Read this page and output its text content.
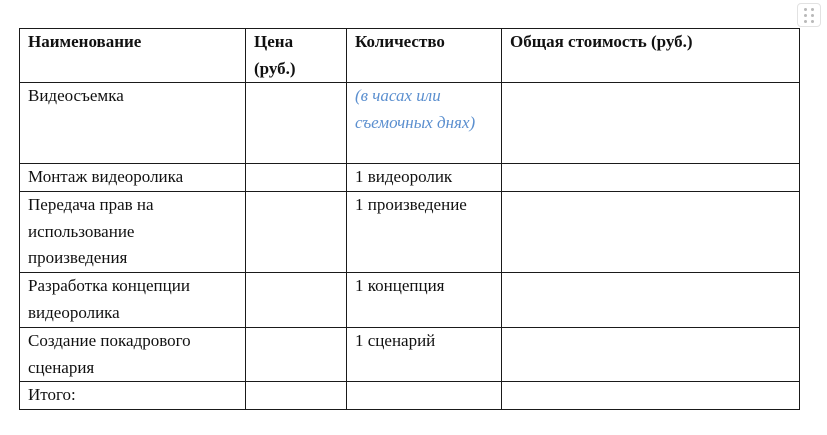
Наименование	Цена (руб.)	Количество	Общая стоимость (руб.)
Видеосъемка		(в часах или съемочных днях)	
Монтаж видеоролика		1 видеоролик	
Передача прав на использование произведения		1 произведение	
Разработка концепции видеоролика		1 концепция	
Создание покадрового сценария		1 сценарий	
Итого:			
